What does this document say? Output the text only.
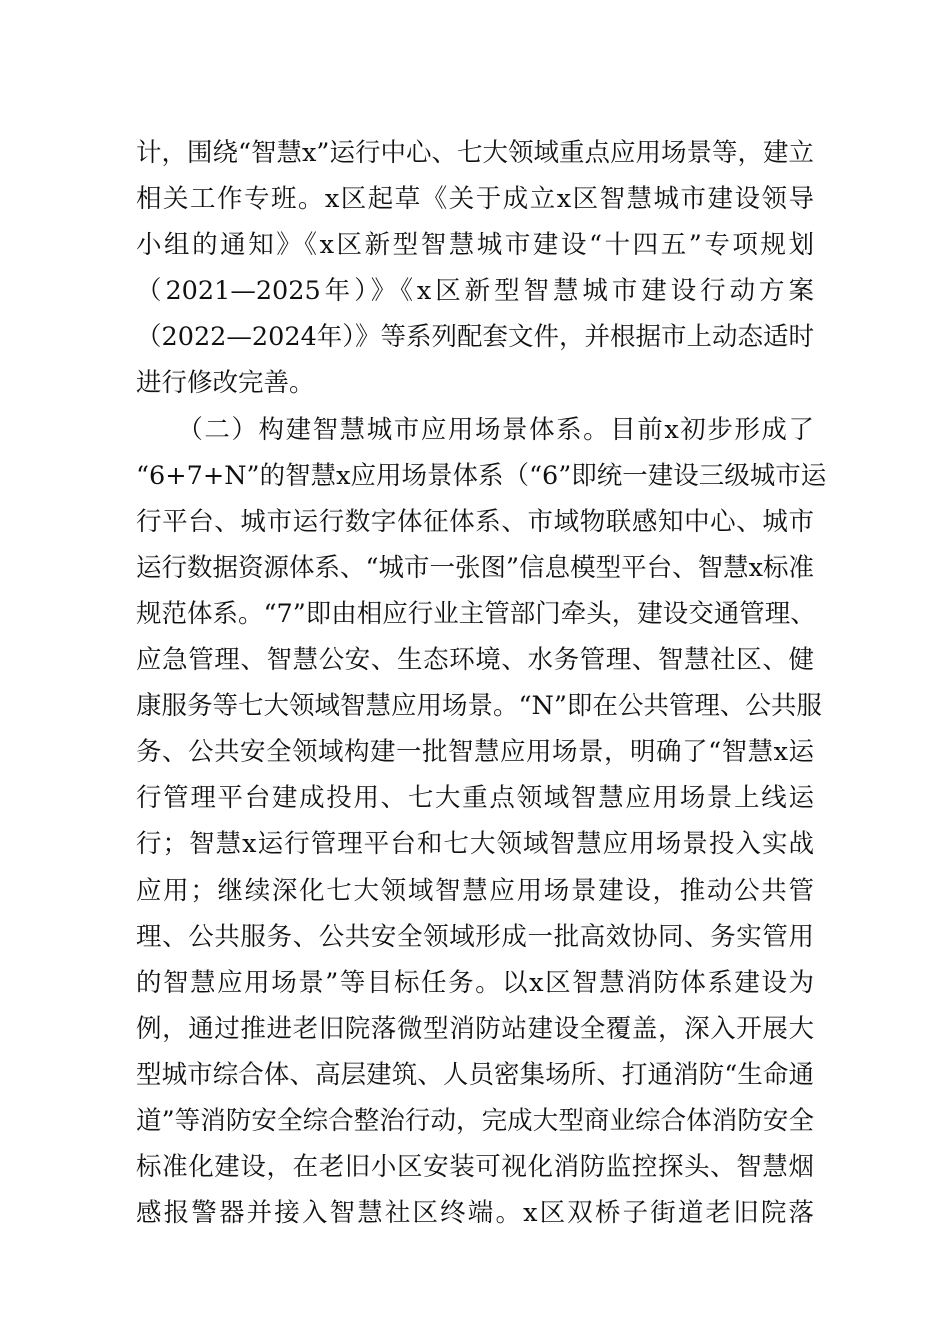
计，围绕“智慧x”运行中心、七大领域重点应用场景等，建立
相关工作专班。x区起草《关于成立x区智慧城市建设领导
小组的通知》《x区新型智慧城市建设“十四五”专项规划
（2021—2025年）》《x区新型智慧城市建设行动方案
（2022—2024年）》等系列配套文件，并根据市上动态适时
进行修改完善。
　　（二）构建智慧城市应用场景体系。目前x初步形成了
“6+7+N”的智慧x应用场景体系（“6”即统一建设三级城市运
行平台、城市运行数字体征体系、市域物联感知中心、城市
运行数据资源体系、“城市一张图”信息模型平台、智慧x标准
规范体系。“7”即由相应行业主管部门牵头，建设交通管理、
应急管理、智慧公安、生态环境、水务管理、智慧社区、健
康服务等七大领域智慧应用场景。“N”即在公共管理、公共服
务、公共安全领域构建一批智慧应用场景，明确了“智慧x运
行管理平台建成投用、七大重点领域智慧应用场景上线运
行；智慧x运行管理平台和七大领域智慧应用场景投入实战
应用；继续深化七大领域智慧应用场景建设，推动公共管
理、公共服务、公共安全领域形成一批高效协同、务实管用
的智慧应用场景”等目标任务。以x区智慧消防体系建设为
例，通过推进老旧院落微型消防站建设全覆盖，深入开展大
型城市综合体、高层建筑、人员密集场所、打通消防“生命通
道”等消防安全综合整治行动，完成大型商业综合体消防安全
标准化建设，在老旧小区安装可视化消防监控探头、智慧烟
感报警器并接入智慧社区终端。x区双桥子街道老旧院落
